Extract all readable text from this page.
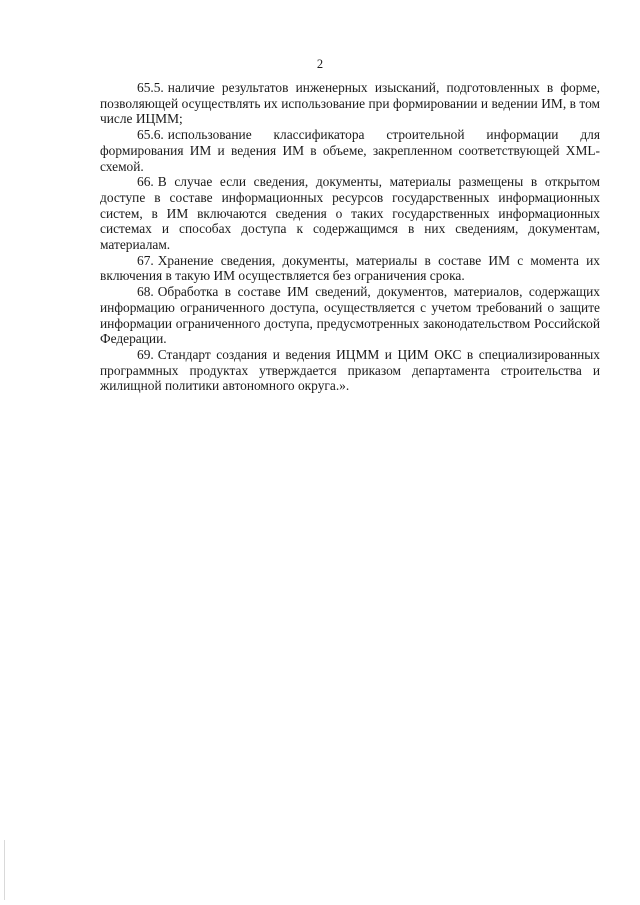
2

65.5. наличие результатов инженерных изысканий, подготовленных в форме, позволяющей осуществлять их использование при формировании и ведении ИМ, в том числе ИЦММ;

65.6. использование классификатора строительной информации для формирования ИМ и ведения ИМ в объеме, закрепленном соответствующей XML-схемой.

66. В случае если сведения, документы, материалы размещены в открытом доступе в составе информационных ресурсов государственных информационных систем, в ИМ включаются сведения о таких государственных информационных системах и способах доступа к содержащимся в них сведениям, документам, материалам.

67. Хранение сведения, документы, материалы в составе ИМ с момента их включения в такую ИМ осуществляется без ограничения срока.

68. Обработка в составе ИМ сведений, документов, материалов, содержащих информацию ограниченного доступа, осуществляется с учетом требований о защите информации ограниченного доступа, предусмотренных законодательством Российской Федерации.

69. Стандарт создания и ведения ИЦММ и ЦИМ ОКС в специализированных программных продуктах утверждается приказом департамента строительства и жилищной политики автономного округа.».
